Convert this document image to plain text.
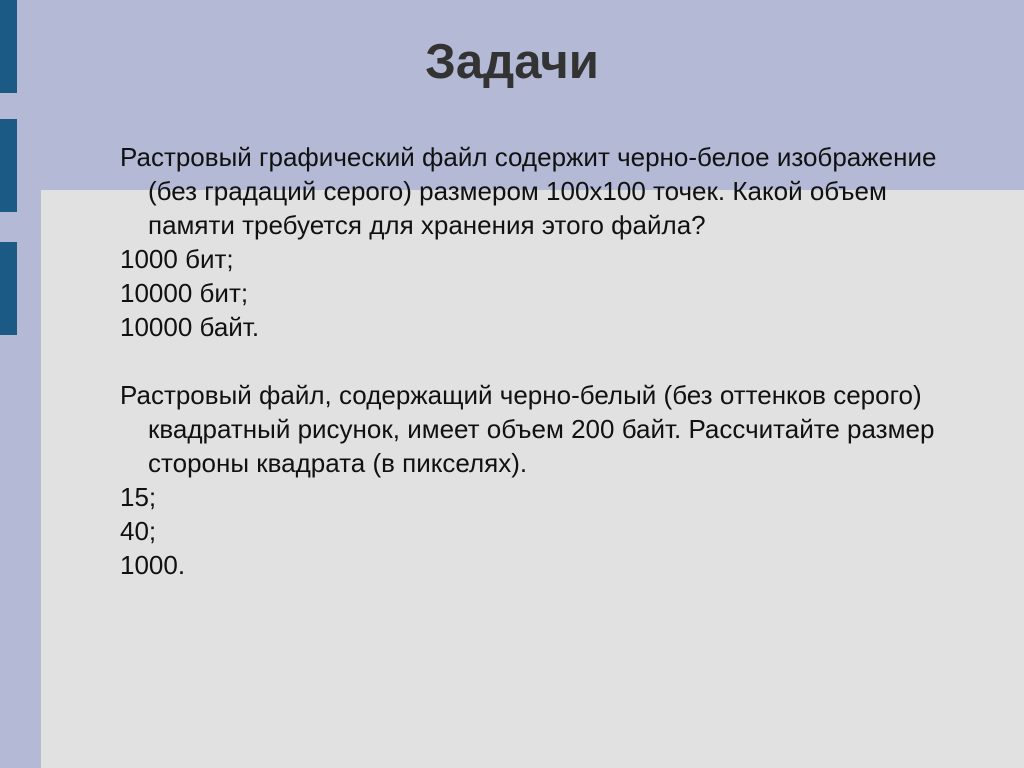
Задачи
Растровый графический файл содержит черно-белое изображение (без градаций серого) размером 100х100 точек. Какой объем памяти требуется для хранения этого файла?
1000 бит;
10000 бит;
10000 байт.
Растровый файл, содержащий черно-белый (без оттенков серого) квадратный рисунок, имеет объем 200 байт. Рассчитайте размер стороны квадрата (в пикселях).
15;
40;
1000.
